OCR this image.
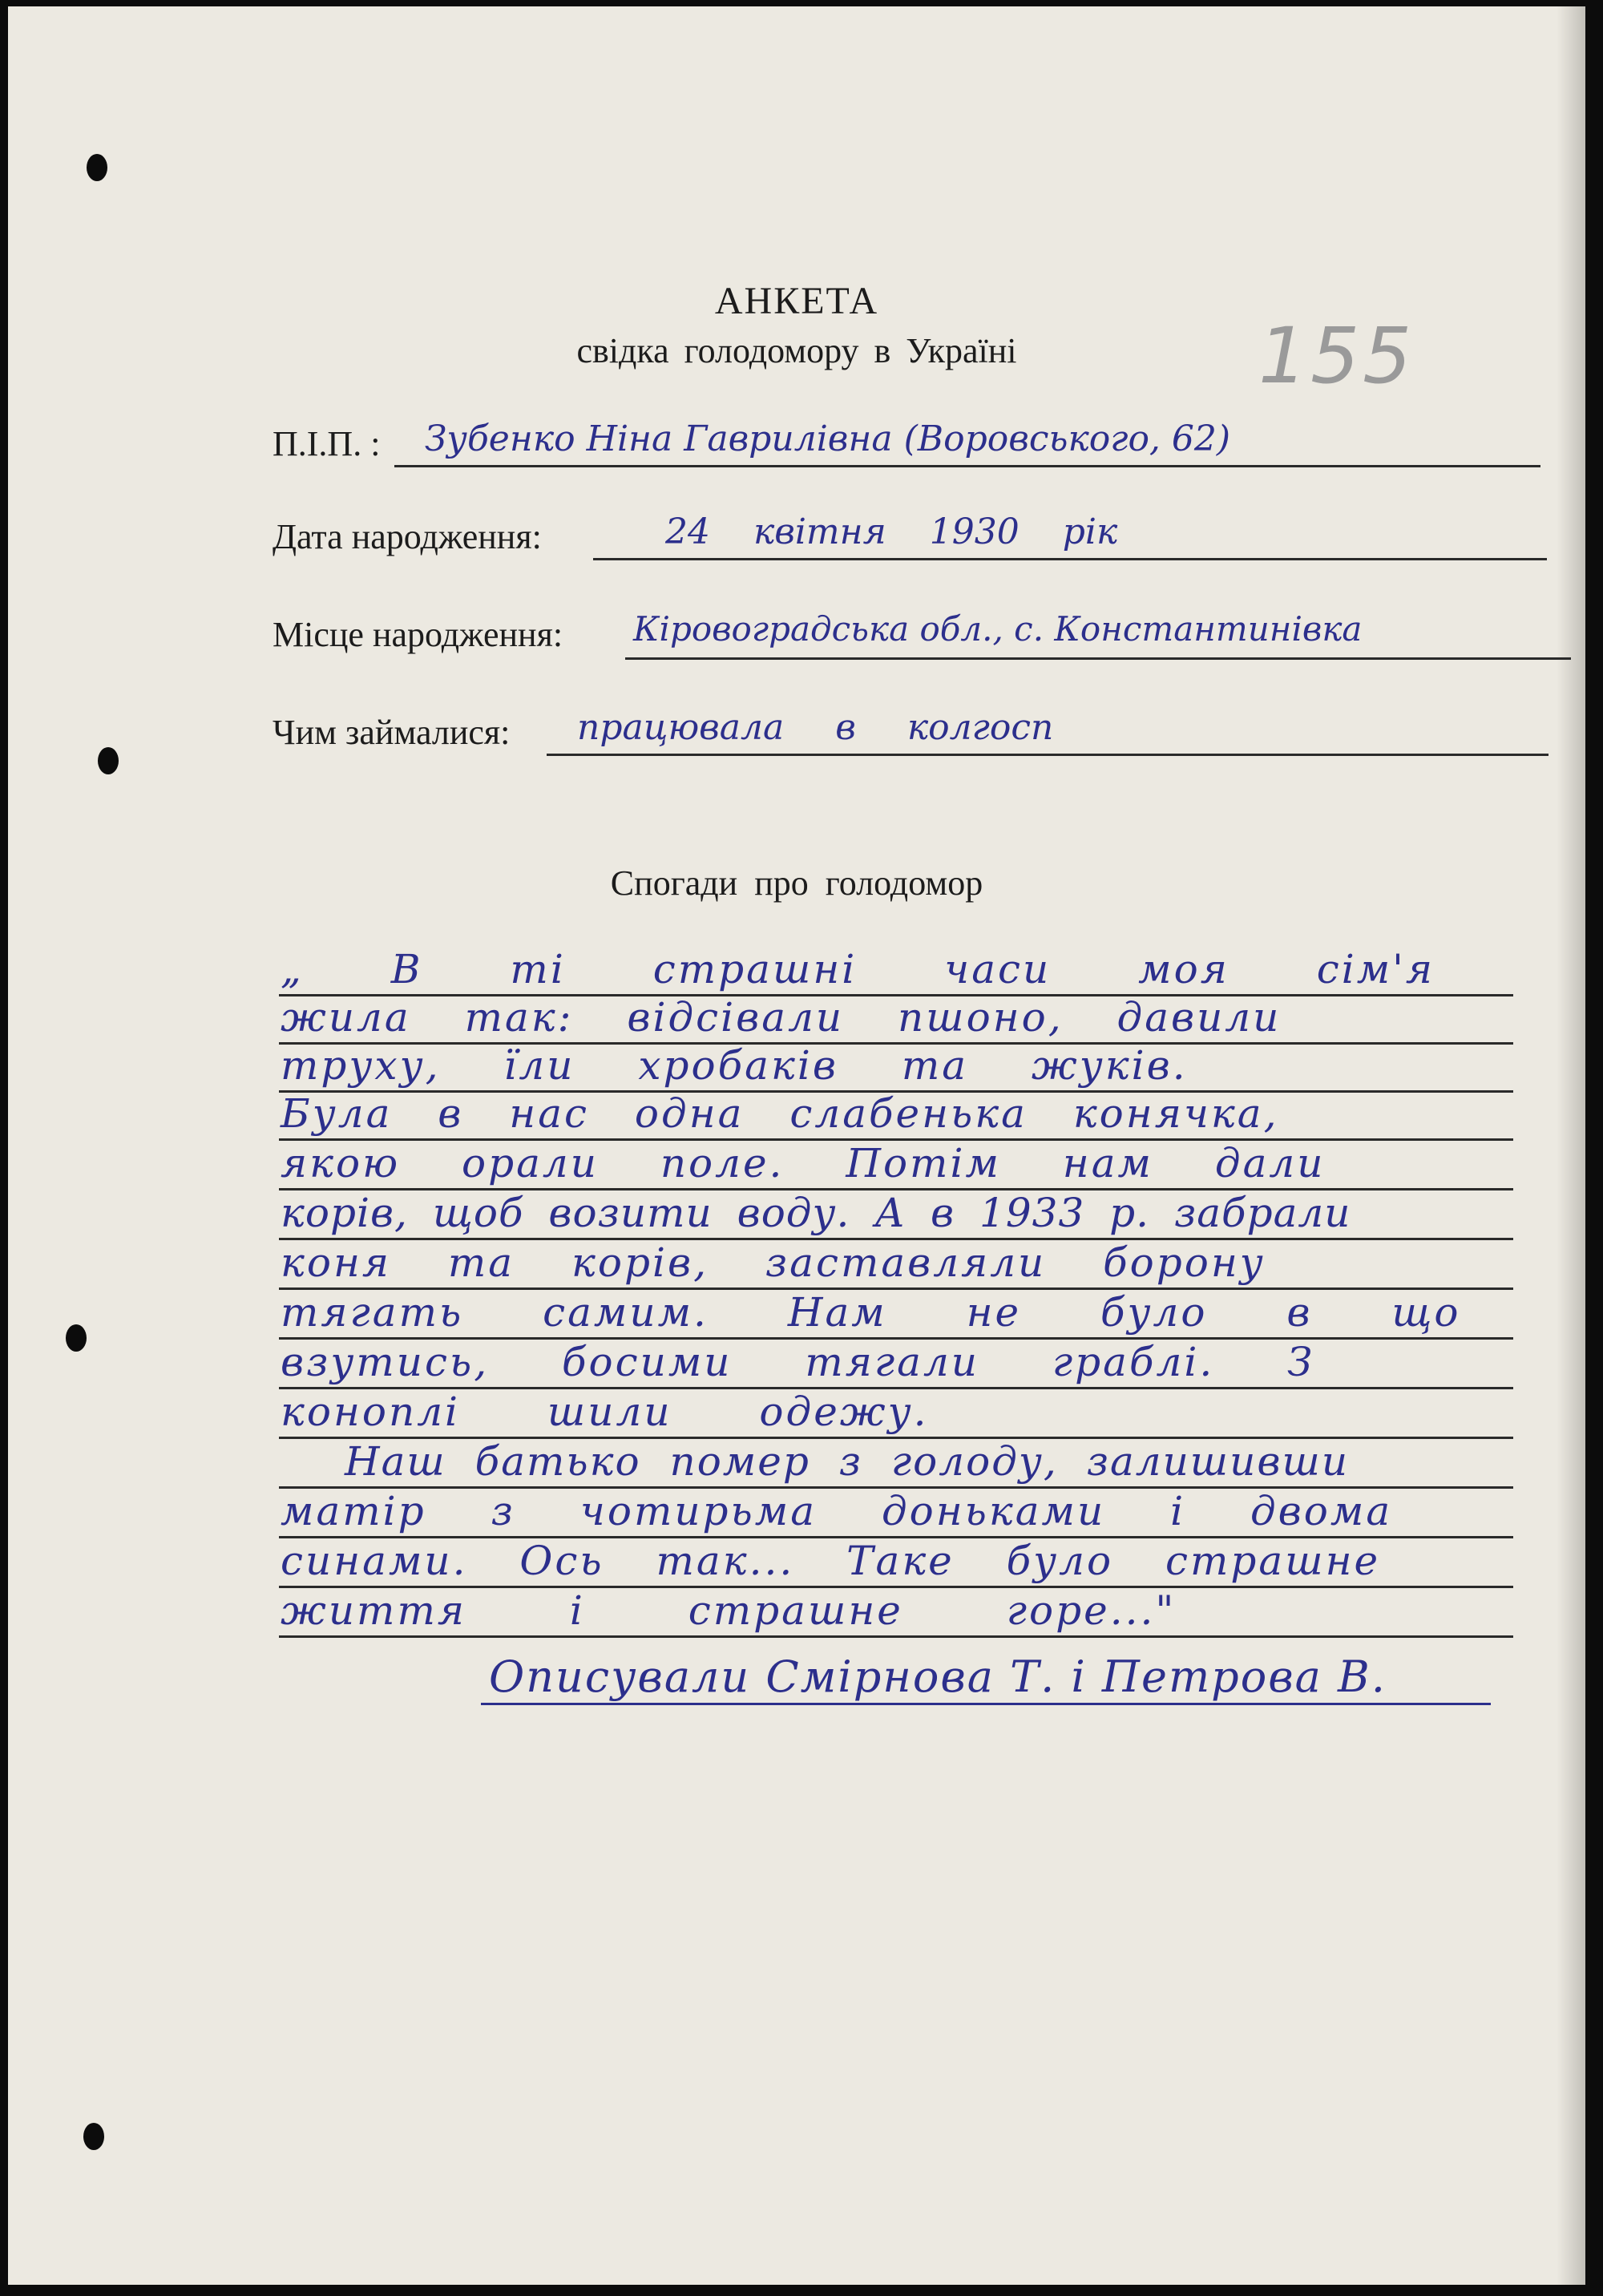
АНКЕТА
свідка голодомору в Україні	155
П.І.П. : Зубенко Ніна Гаврилівна (Воровського, 62)
Дата народження:	24 квітня 1930 рік
Місце народження: Кіровоградська обл., с. Константинівка
Чим займалися: працювала в колгосп
Спогади про голодомор
„ В ті страшні часи моя сім'я
жила так: відсівали пшоно, давили
труху, їли хробаків та жуків.
Була в нас одна слабенька конячка,
якою орали поле. Потім нам дали
корів, щоб возити воду. А в 1933 р. забрали
коня та корів, заставляли борону
тягать самим. Нам не було в що
взутись, босими тягали граблі. З
коноплі шили одежу.
Наш батько помер з голоду, залишивши
матір з чотирьма доньками і двома
синами. Ось так... Таке було страшне
життя і страшне горе..."
Описували Смірнова Т. і Петрова В.
